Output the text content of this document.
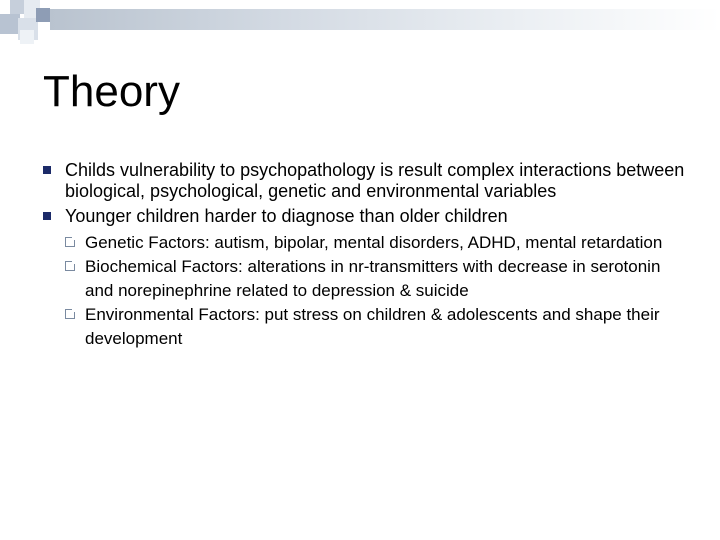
Theory
Childs vulnerability to psychopathology is result complex interactions between biological, psychological, genetic and environmental variables
Younger children harder to diagnose than older children
Genetic Factors: autism, bipolar, mental disorders, ADHD, mental retardation
Biochemical Factors: alterations in nr-transmitters with decrease in serotonin and norepinephrine related to depression & suicide
Environmental Factors: put stress on children & adolescents and shape their development
